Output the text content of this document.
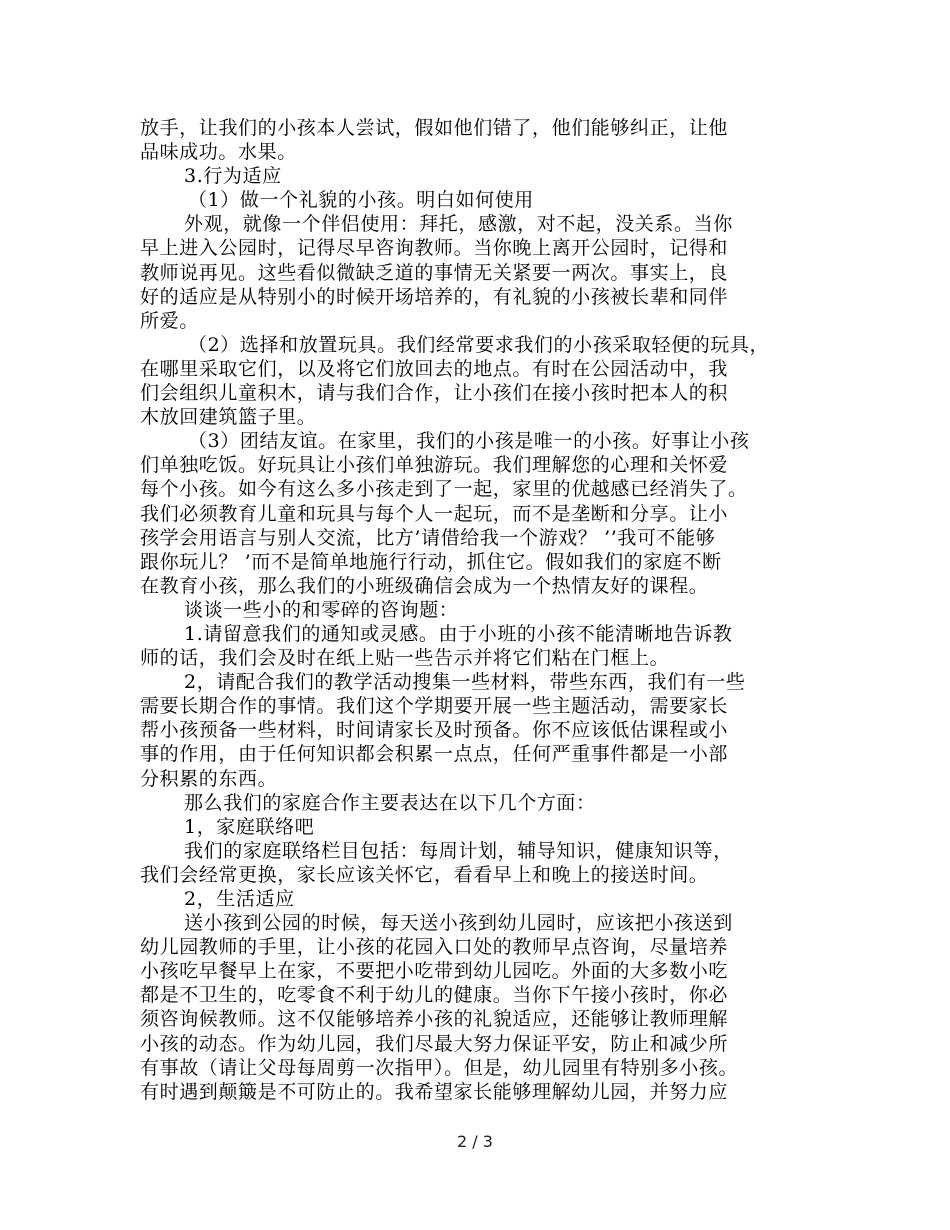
放手，让我们的小孩本人尝试，假如他们错了，他们能够纠正，让他
品味成功。水果。
3.行为适应
（1）做一个礼貌的小孩。明白如何使用
外观，就像一个伴侣使用：拜托，感激，对不起，没关系。当你
早上进入公园时，记得尽早咨询教师。当你晚上离开公园时，记得和
教师说再见。这些看似微缺乏道的事情无关紧要一两次。事实上，良
好的适应是从特别小的时候开场培养的，有礼貌的小孩被长辈和同伴
所爱。
（2）选择和放置玩具。我们经常要求我们的小孩采取轻便的玩具，
在哪里采取它们，以及将它们放回去的地点。有时在公园活动中，我
们会组织儿童积木，请与我们合作，让小孩们在接小孩时把本人的积
木放回建筑篮子里。
（3）团结友谊。在家里，我们的小孩是唯一的小孩。好事让小孩
们单独吃饭。好玩具让小孩们单独游玩。我们理解您的心理和关怀爱
每个小孩。如今有这么多小孩走到了一起，家里的优越感已经消失了。
我们必须教育儿童和玩具与每个人一起玩，而不是垄断和分享。让小
孩学会用语言与别人交流，比方’请借给我一个游戏？ ’’我可不能够
跟你玩儿？ ’而不是简单地施行行动，抓住它。假如我们的家庭不断
在教育小孩，那么我们的小班级确信会成为一个热情友好的课程。
谈谈一些小的和零碎的咨询题：
1.请留意我们的通知或灵感。由于小班的小孩不能清晰地告诉教
师的话，我们会及时在纸上贴一些告示并将它们粘在门框上。
2，请配合我们的教学活动搜集一些材料，带些东西，我们有一些
需要长期合作的事情。我们这个学期要开展一些主题活动，需要家长
帮小孩预备一些材料，时间请家长及时预备。你不应该低估课程或小
事的作用，由于任何知识都会积累一点点，任何严重事件都是一小部
分积累的东西。
那么我们的家庭合作主要表达在以下几个方面：
1，家庭联络吧
我们的家庭联络栏目包括：每周计划，辅导知识，健康知识等，
我们会经常更换，家长应该关怀它，看看早上和晚上的接送时间。
2，生活适应
送小孩到公园的时候，每天送小孩到幼儿园时，应该把小孩送到
幼儿园教师的手里，让小孩的花园入口处的教师早点咨询，尽量培养
小孩吃早餐早上在家，不要把小吃带到幼儿园吃。外面的大多数小吃
都是不卫生的，吃零食不利于幼儿的健康。当你下午接小孩时，你必
须咨询候教师。这不仅能够培养小孩的礼貌适应，还能够让教师理解
小孩的动态。作为幼儿园，我们尽最大努力保证平安，防止和减少所
有事故（请让父母每周剪一次指甲）。但是，幼儿园里有特别多小孩。
有时遇到颠簸是不可防止的。我希望家长能够理解幼儿园，并努力应
2 / 3
